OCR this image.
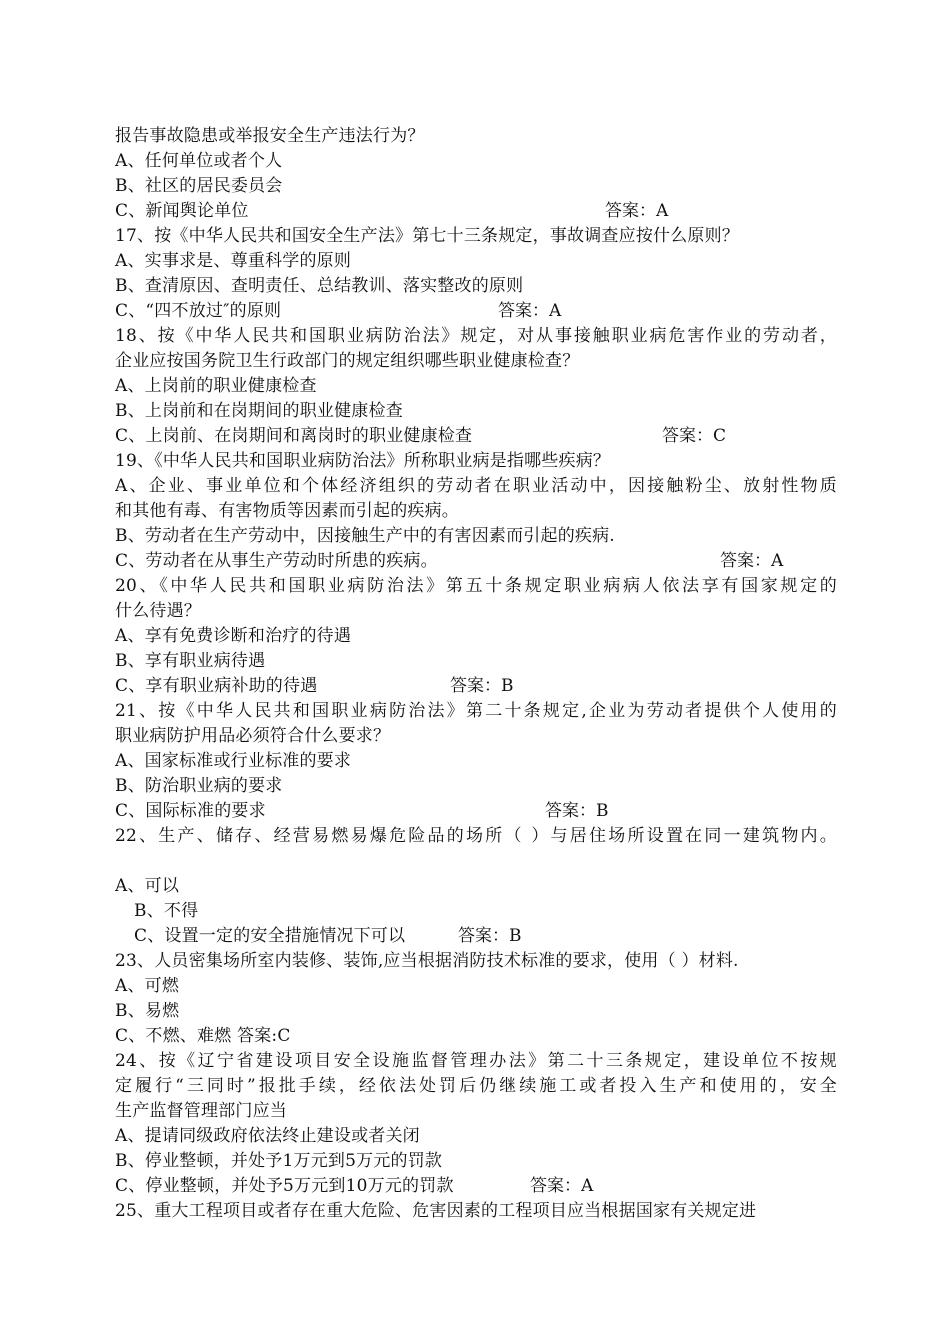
报告事故隐患或举报安全生产违法行为？
A、任何单位或者个人
B、社区的居民委员会
C、新闻舆论单位	答案：A
17、按《中华人民共和国安全生产法》第七十三条规定，事故调查应按什么原则？
A、实事求是、尊重科学的原则
B、查清原因、查明责任、总结教训、落实整改的原则
C、“四不放过″的原则	答案：A
18、按《中华人民共和国职业病防治法》规定，对从事接触职业病危害作业的劳动者，
企业应按国务院卫生行政部门的规定组织哪些职业健康检查？
A、上岗前的职业健康检查
B、上岗前和在岗期间的职业健康检查
C、上岗前、在岗期间和离岗时的职业健康检查	答案：C
19、《中华人民共和国职业病防治法》所称职业病是指哪些疾病？
A、企业、事业单位和个体经济组织的劳动者在职业活动中，因接触粉尘、放射性物质
和其他有毒、有害物质等因素而引起的疾病。
B、劳动者在生产劳动中，因接触生产中的有害因素而引起的疾病.
C、劳动者在从事生产劳动时所患的疾病。	答案：A
20、《中华人民共和国职业病防治法》第五十条规定职业病病人依法享有国家规定的
什么待遇？
A、享有免费诊断和治疗的待遇
B、享有职业病待遇
C、享有职业病补助的待遇	答案：B
21、按《中华人民共和国职业病防治法》第二十条规定,企业为劳动者提供个人使用的
职业病防护用品必须符合什么要求？
A、国家标准或行业标准的要求
B、防治职业病的要求
C、国际标准的要求	答案：B
22、生产、储存、经营易燃易爆危险品的场所（ ）与居住场所设置在同一建筑物内。
A、可以
B、不得
C、设置一定的安全措施情况下可以	答案：B
23、人员密集场所室内装修、装饰,应当根据消防技术标准的要求，使用（ ）材料.
A、可燃
B、易燃
C、不燃、难燃 答案:C
24、按《辽宁省建设项目安全设施监督管理办法》第二十三条规定，建设单位不按规
定履行“三同时”报批手续，经依法处罚后仍继续施工或者投入生产和使用的，安全
生产监督管理部门应当
A、提请同级政府依法终止建设或者关闭
B、停业整顿，并处予1万元到5万元的罚款
C、停业整顿，并处予5万元到10万元的罚款	答案：A
25、重大工程项目或者存在重大危险、危害因素的工程项目应当根据国家有关规定进
